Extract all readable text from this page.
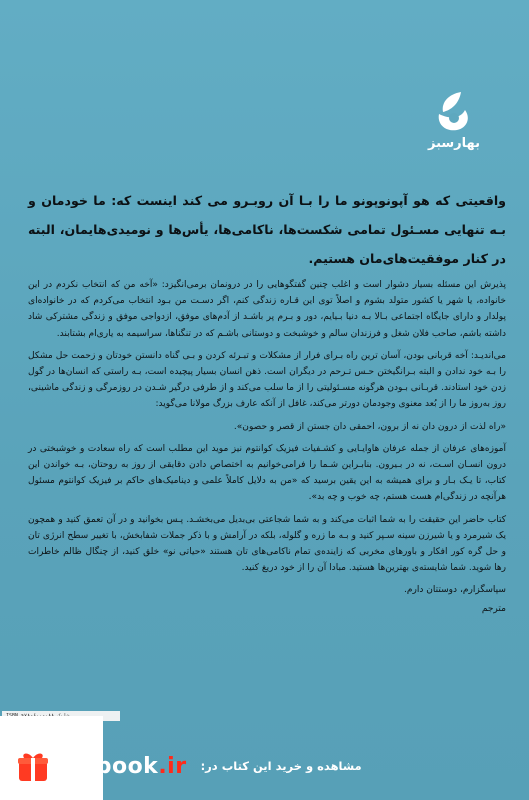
بهارسبز
واقعیتی که هو آپونوپونو ما را بـا آن روبـرو می کند اینست که: ما خودمان و بـه تنهایی مسـئول تمامی شکست‌ها، ناکامی‌ها، یأس‌ها و نومیدی‌هایمان، البته در کنار موفقیت‌های‌مان هستیم.
پذیرش این مسئله بسیار دشوار است و اغلب چنین گفتگوهایی را در درونمان برمی‌انگیزد: «آخه من که انتخاب نکردم در این خانواده، یا شهر یا کشور متولد بشوم و اصلاً توی این قـاره زندگی کنم، اگر دسـت من بـود انتخاب می‌کردم که در خانواده‌ای پولدار و دارای جایگاه اجتماعی بـالا بـه دنیا بـیایم، دور و بـرم پر باشـد از آدم‌های موفق، ازدواجی موفق و زندگی مشترکی شاد داشته باشم، صاحب فلان شغل و فرزندان سالم و خوشبخت و دوستانی باشـم که در تنگناها، سراسیمه به یاری‌ام بشتابند.
می‌اندیـد: آخه قربانی بودن، آسان ترین راه بـرای فرار از مشکلات و تبـرئه کردن و بـی گناه دانستن خودتان و زحمت حل مشکل را بـه خود ندادن و البته بـرانگیختن حـس تـرحم در دیگران است. ذهن انسان بسیار پیچیده است، بـه راستی که انسان‌ها در گول زدن خود استادند. قربـانی بـودن هرگونه مسـئولیتی را از ما سلب می‌کند و از طرفی درگیر شـدن در روزمرگی و زندگی ماشینی، روز به‌روز ما را از بُعد معنوی وجودمان دورتر می‌کند، غافل از آنکه عارف بزرگ مولانا می‌گوید:
«راه لذت از درون دان نه از برون، احمقی دان جستن از قصر و حصون».
آموزه‌های عرفان از جمله عرفان هاوایـایی و کشـفیات فیزیک کوانتوم نیز موید این مطلب است که راه سعادت و خوشبختی در درون انسـان اسـت، نه در بـیرون. بنابـراین شـما را فرامی‌خوانیم به اختصاص دادن دقایقی از روز به روحتان، بـه خواندن این کتاب، تا یـک بـار و برای همیشه به این یقین برسید که «من به دلایل کاملاً علمی و دینامیک‌های حاکم بر فیزیک کوانتوم مسئول هرآنچه در زندگی‌ام هست هستم، چه خوب و چه بد».
کتاب حاضر این حقیقت را به شما اثبات می‌کند و به شما شجاعتی بی‌بدیل می‌بخشـد. پـس بخوانید و در آن تعمق کنید و همچون یک شیرمرد و یا شیرزن سینه سـپر کنید و بـه ما زره و گلوله، بلکه در آرامش و با ذکر جملات شفابخش، با تغییر سطح انرژی تان و حل گره کور افکار و باورهای مخربی که زاینده‌ی تمام ناکامی‌های تان هستند «حیاتی نو» خلق کنید، از چنگال ظالم خاطرات رها شوید. شما شایسته‌ی بهترین‌ها هستید. مبادا آن را از خود دریغ کنید.
سپاسگزارم، دوستتان دارم.
مترجم
idebook.ir مشاهده و خرید این کتاب در:
